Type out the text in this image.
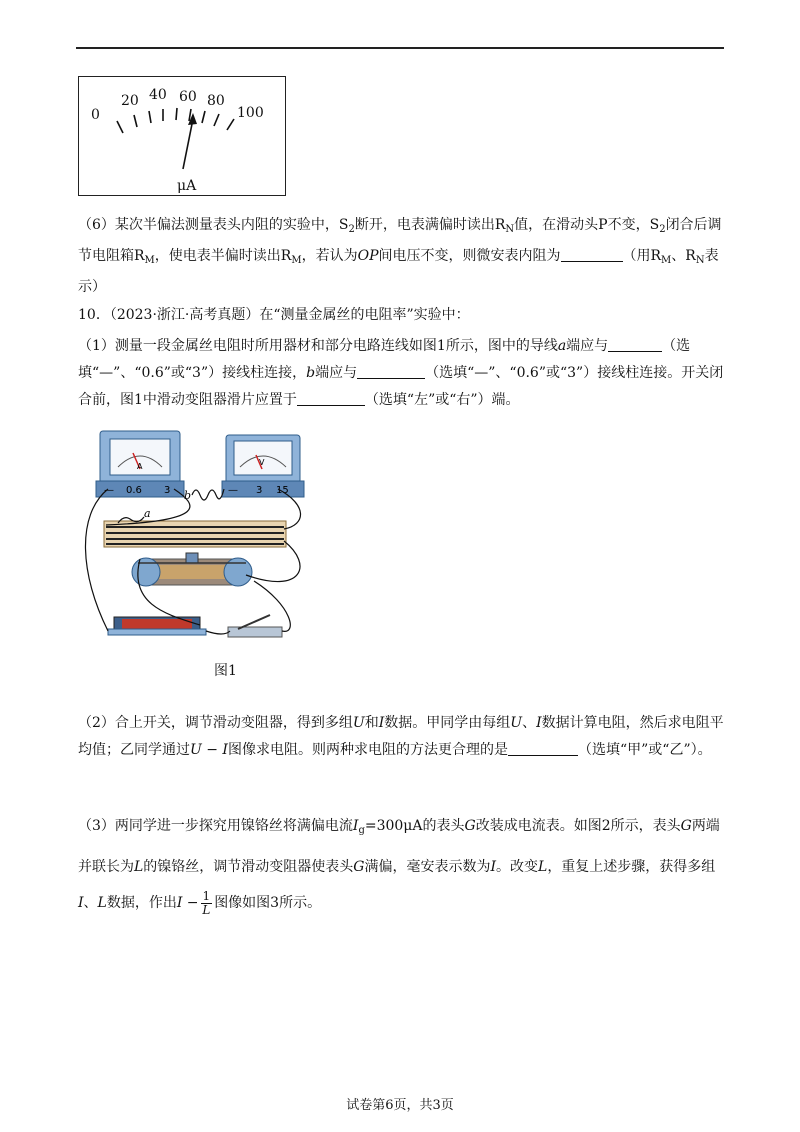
0
20 40 60 80
100
μA

（6）某次半偏法测量表头内阻的实验中，$S_2$断开，电表满偏时读出$R_N$值，在滑动头P不变，$S_2$闭合后调节电阻箱$R_M$，使电表半偏时读出$R_M$，若认为OP间电压不变，则微安表内阻为	（用$R_M$、$R_N$表示）

10．（2023·浙江·高考真题）在“测量金属丝的电阻率”实验中：

（1）测量一段金属丝电阻时所用器材和部分电路连线如图1所示，图中的导线a端应与	（选填“—”、“0.6”或“3”）接线柱连接，b端应与	（选填“—”、“0.6”或“3”）接线柱连接。开关闭合前，图1中滑动变阻器滑片应置于	（选填“左”或“右”）端。

A
— 0.6 3
V
— 3 15
b
a
图1

（2）合上开关，调节滑动变阻器，得到多组U和I数据。甲同学由每组U、I数据计算电阻，然后求电阻平均值；乙同学通过U − I图像求电阻。则两种求电阻的方法更合理的是	（选填“甲”或“乙”）。

（3）两同学进一步探究用镍铬丝将满偏电流$I_g=300\mu A$的表头G改装成电流表。如图2所示，表头G两端并联长为L的镍铬丝，调节滑动变阻器使表头G满偏，毫安表示数为I。改变L，重复上述步骤，获得多组I、L数据，作出$I - \frac{1}{L}$ 图像如图3所示。

试卷第6页，共3页
